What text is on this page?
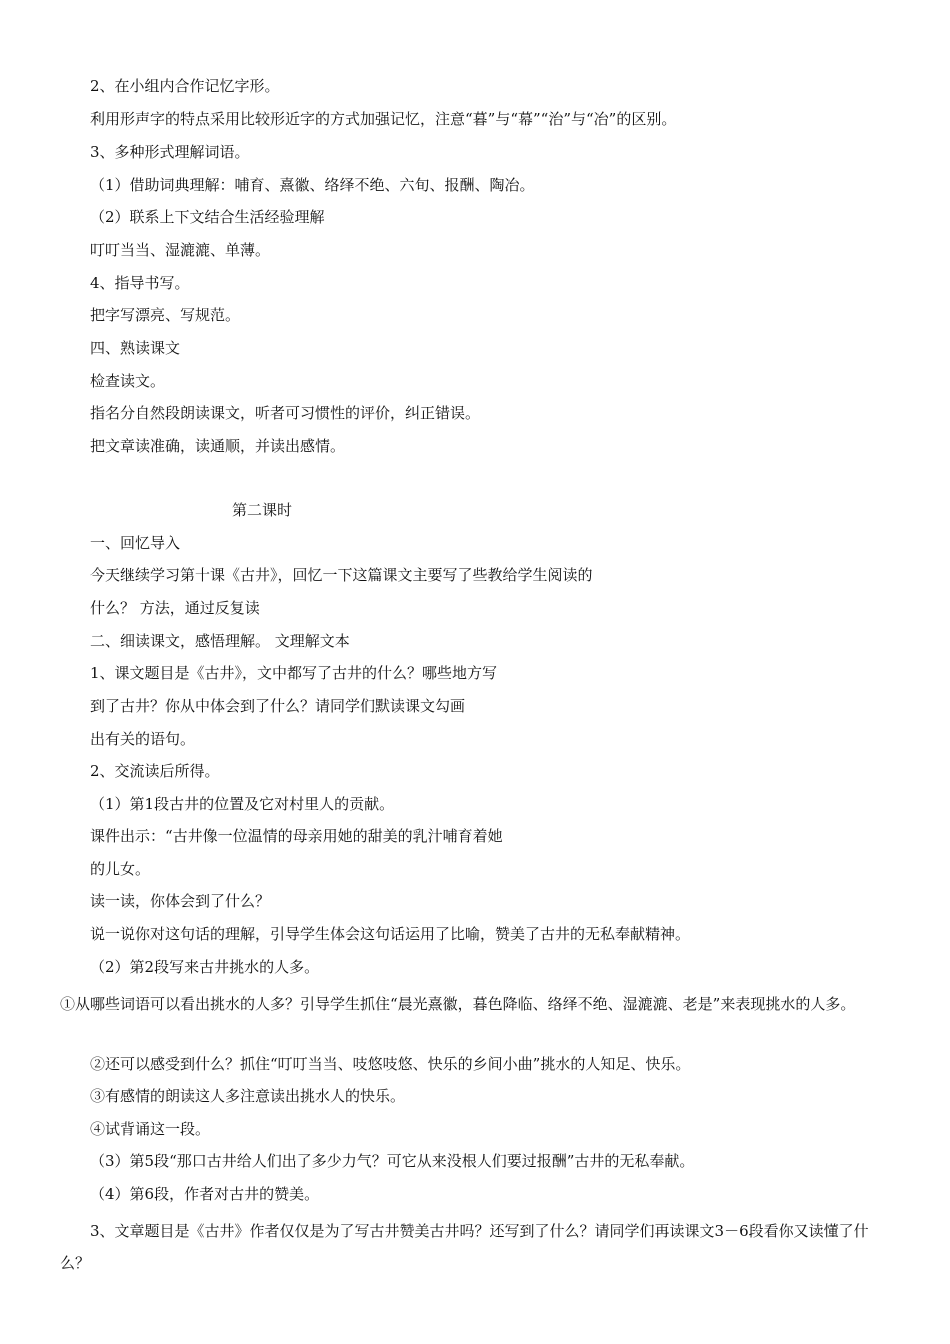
2、在小组内合作记忆字形。
利用形声字的特点采用比较形近字的方式加强记忆，注意“暮”与“幕”“治”与“冶”的区别。
3、多种形式理解词语。
（1）借助词典理解：哺育、熹徽、络绎不绝、六旬、报酬、陶冶。
（2）联系上下文结合生活经验理解
叮叮当当、湿漉漉、单薄。
4、指导书写。
把字写漂亮、写规范。
四、熟读课文
检查读文。
指名分自然段朗读课文，听者可习惯性的评价，纠正错误。
把文章读准确，读通顺，并读出感情。
第二课时
一、回忆导入
今天继续学习第十课《古井》，回忆一下这篇课文主要写了些教给学生阅读的
什么？ 方法，通过反复读
二、细读课文，感悟理解。 文理解文本
1、课文题目是《古井》，文中都写了古井的什么？哪些地方写
到了古井？你从中体会到了什么？请同学们默读课文勾画
出有关的语句。
2、交流读后所得。
（1）第1段古井的位置及它对村里人的贡献。
课件出示：“古井像一位温情的母亲用她的甜美的乳汁哺育着她
的儿女。
读一读，你体会到了什么？
说一说你对这句话的理解，引导学生体会这句话运用了比喻，赞美了古井的无私奉献精神。
（2）第2段写来古井挑水的人多。
①从哪些词语可以看出挑水的人多？引导学生抓住“晨光熹徽，暮色降临、络绎不绝、湿漉漉、老是”来表现挑水的人多。
②还可以感受到什么？抓住“叮叮当当、吱悠吱悠、快乐的乡间小曲”挑水的人知足、快乐。
③有感情的朗读这人多注意读出挑水人的快乐。
④试背诵这一段。
（3）第5段“那口古井给人们出了多少力气？可它从来没根人们要过报酬”古井的无私奉献。
（4）第6段，作者对古井的赞美。
3、文章题目是《古井》作者仅仅是为了写古井赞美古井吗？还写到了什么？请同学们再读课文3－6段看你又读懂了什么？
